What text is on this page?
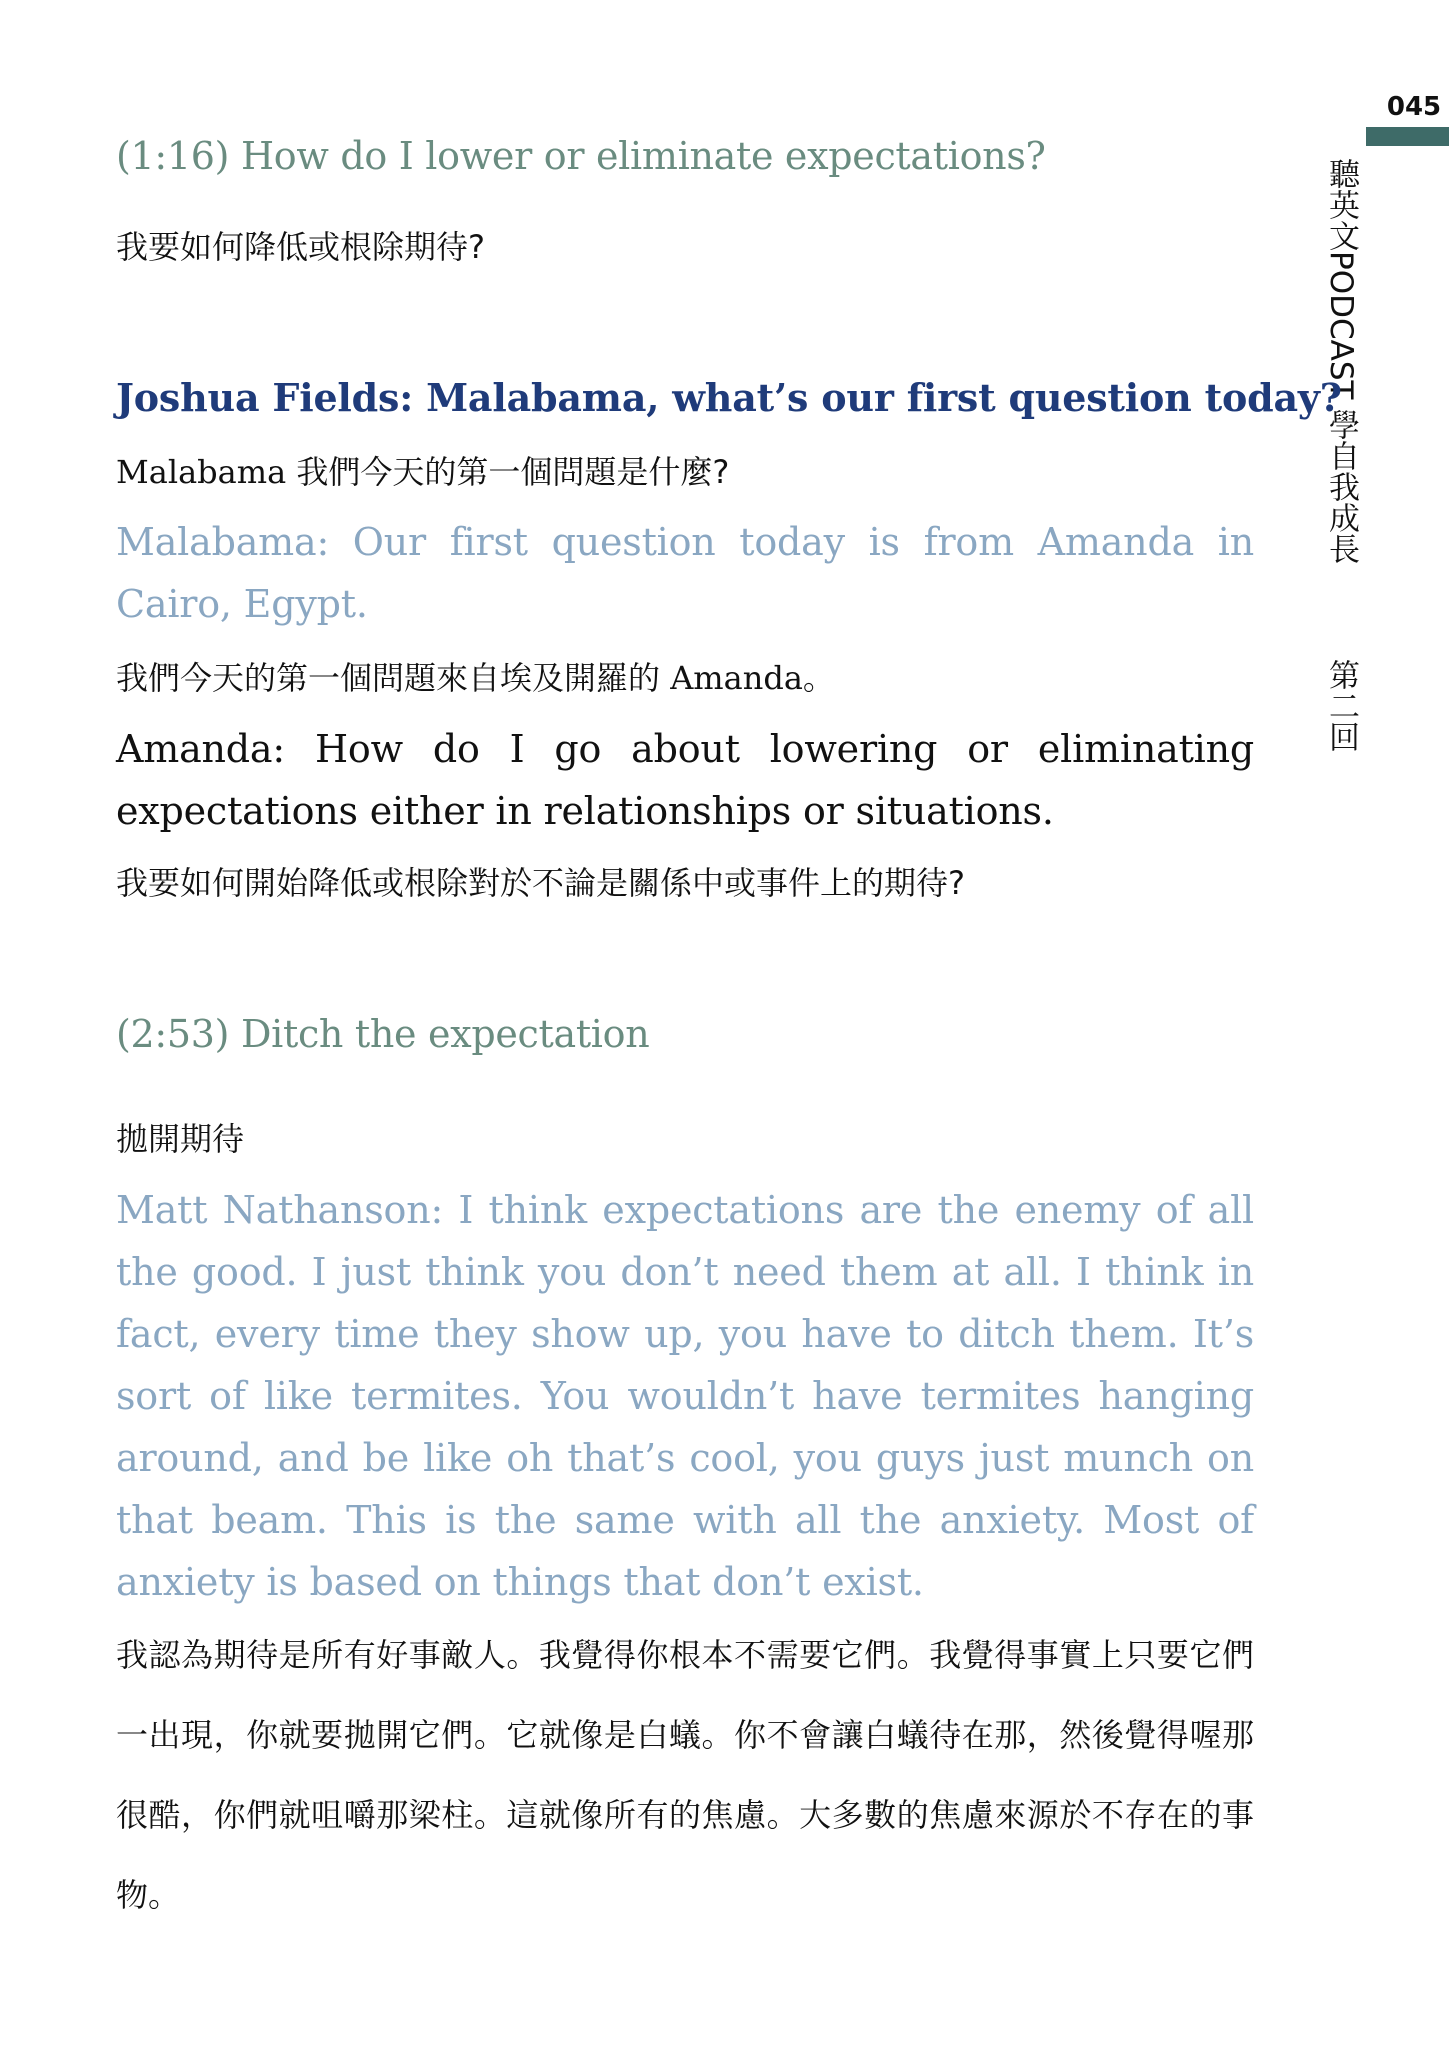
045
聽英文PODCAST 學自我成長第二回
(1:16) How do I lower or eliminate expectations?
我要如何降低或根除期待?
Joshua Fields: Malabama, what’s our first question today?
Malabama 我們今天的第一個問題是什麼?
Malabama: Our first question today is from Amanda in Cairo, Egypt.
我們今天的第一個問題來自埃及開羅的 Amanda。
Amanda: How do I go about lowering or eliminating expectations either in relationships or situations.
我要如何開始降低或根除對於不論是關係中或事件上的期待?
(2:53) Ditch the expectation
拋開期待
Matt Nathanson: I think expectations are the enemy of all the good. I just think you don’t need them at all. I think in fact, every time they show up, you have to ditch them. It’s sort of like termites. You wouldn’t have termites hanging around, and be like oh that’s cool, you guys just munch on that beam. This is the same with all the anxiety. Most of anxiety is based on things that don’t exist.
我認為期待是所有好事敵人。我覺得你根本不需要它們。我覺得事實上只要它們一出現，你就要拋開它們。它就像是白蟻。你不會讓白蟻待在那，然後覺得喔那很酷，你們就咀嚼那梁柱。這就像所有的焦慮。大多數的焦慮來源於不存在的事物。
